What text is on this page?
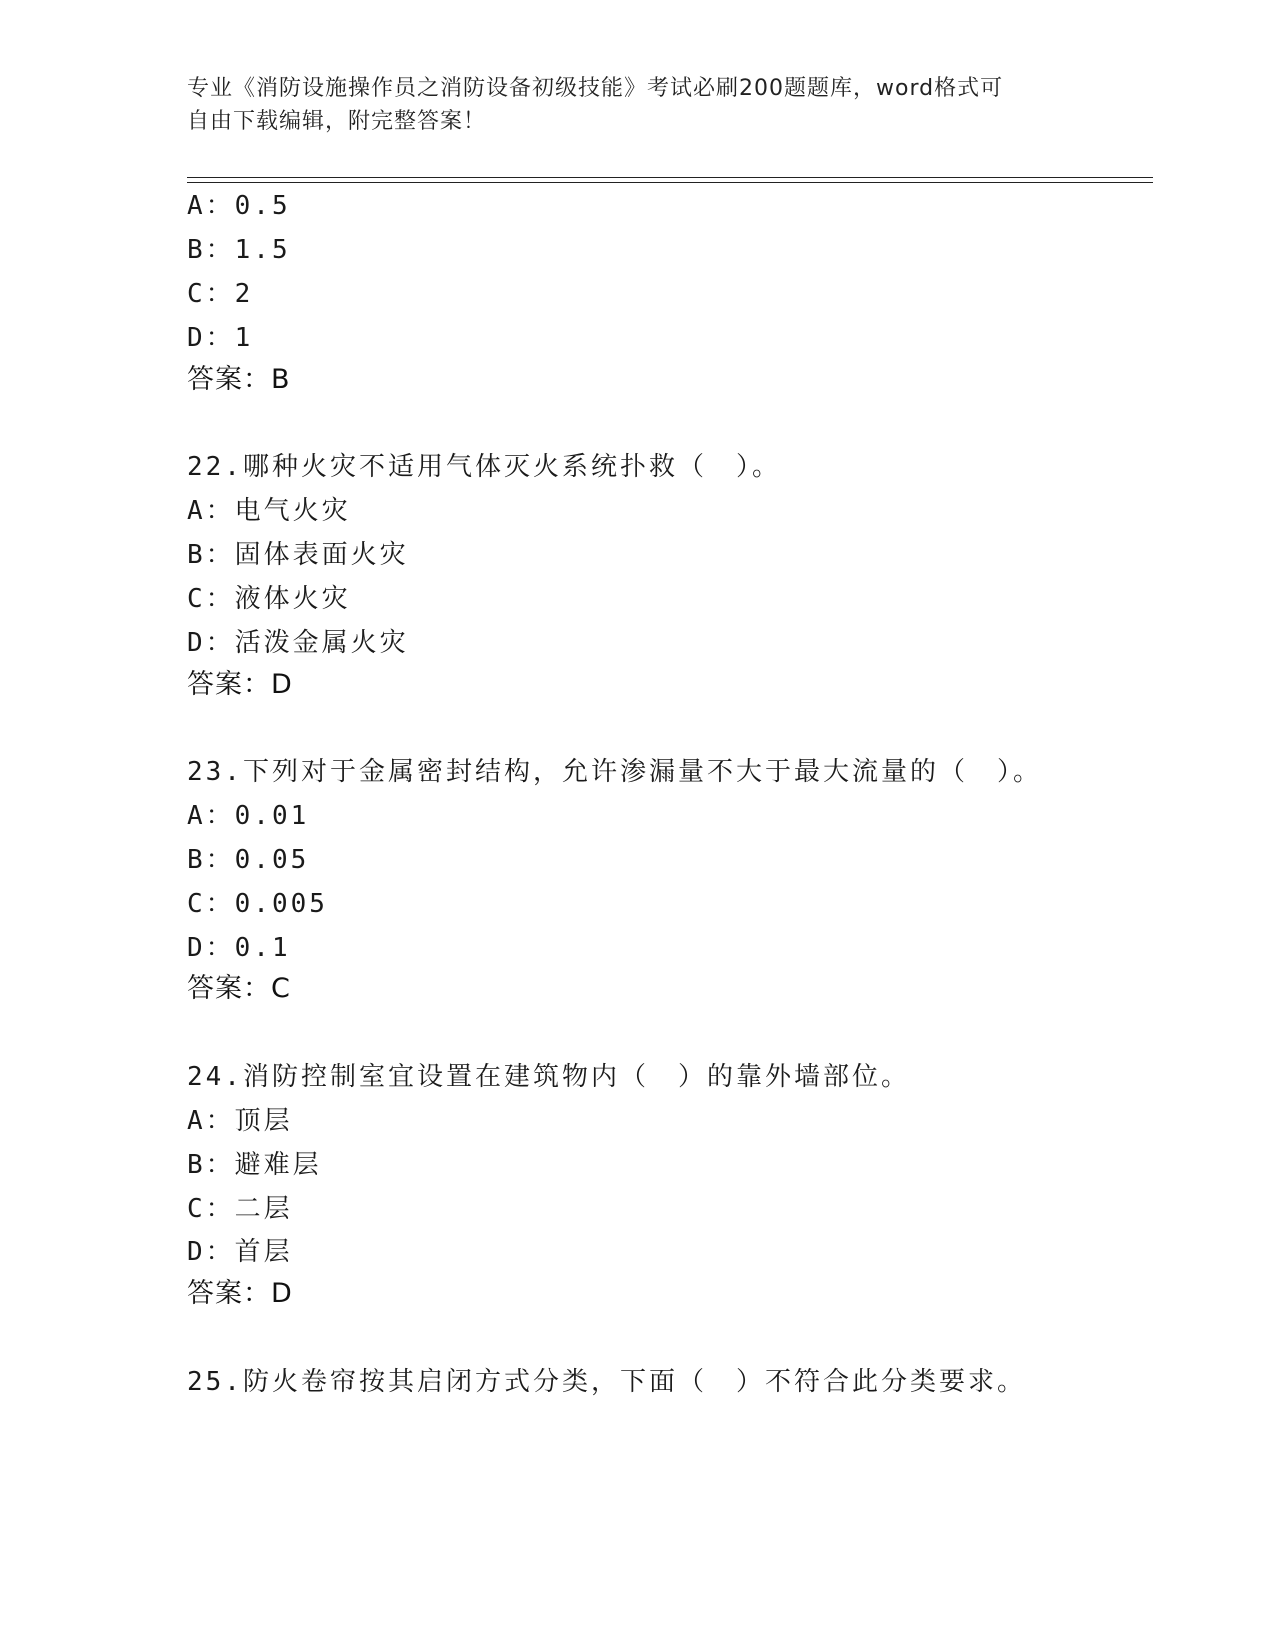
专业《消防设施操作员之消防设备初级技能》考试必刷200题题库，word格式可
自由下载编辑，附完整答案！
A：0.5
B：1.5
C：2
D：1
答案：B
22.哪种火灾不适用气体灭火系统扑救（　）。
A：电气火灾
B：固体表面火灾
C：液体火灾
D：活泼金属火灾
答案：D
23.下列对于金属密封结构，允许渗漏量不大于最大流量的（　）。
A：0.01
B：0.05
C：0.005
D：0.1
答案：C
24.消防控制室宜设置在建筑物内（　）的靠外墙部位。
A：顶层
B：避难层
C：二层
D：首层
答案：D
25.防火卷帘按其启闭方式分类，下面（　）不符合此分类要求。
